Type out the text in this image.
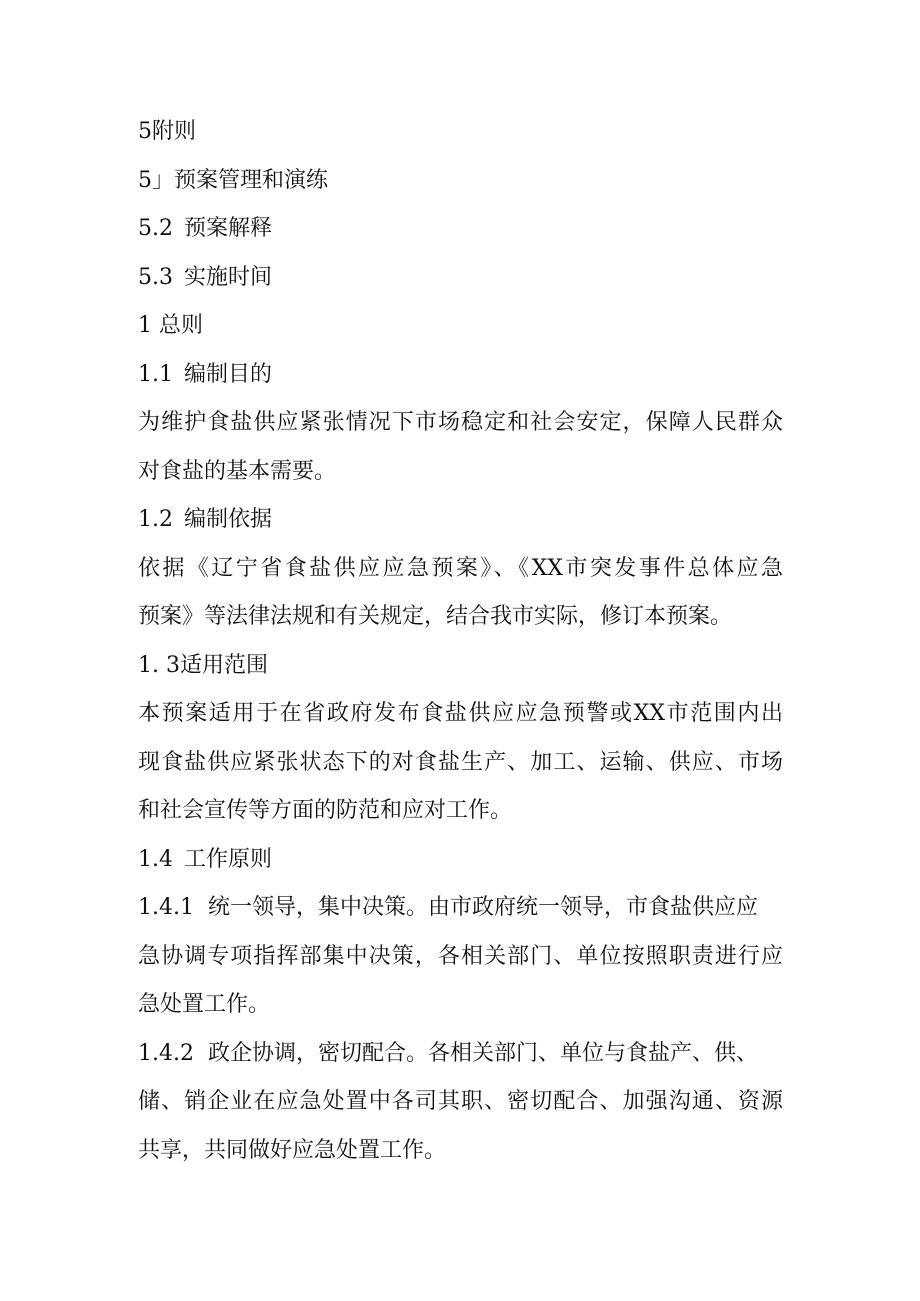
5附则
5」预案管理和演练
5.2 预案解释
5.3 实施时间
1 总则
1.1 编制目的
为维护食盐供应紧张情况下市场稳定和社会安定，保障人民群众
对食盐的基本需要。
1.2 编制依据
依据《辽宁省食盐供应应急预案》、《XX市突发事件总体应急
预案》等法律法规和有关规定，结合我市实际，修订本预案。
1. 3适用范围
本预案适用于在省政府发布食盐供应应急预警或XX市范围内出
现食盐供应紧张状态下的对食盐生产、加工、运输、供应、市场
和社会宣传等方面的防范和应对工作。
1.4 工作原则
1.4.1 统一领导，集中决策。由市政府统一领导，市食盐供应应
急协调专项指挥部集中决策，各相关部门、单位按照职责进行应
急处置工作。
1.4.2 政企协调，密切配合。各相关部门、单位与食盐产、供、
储、销企业在应急处置中各司其职、密切配合、加强沟通、资源
共享，共同做好应急处置工作。
